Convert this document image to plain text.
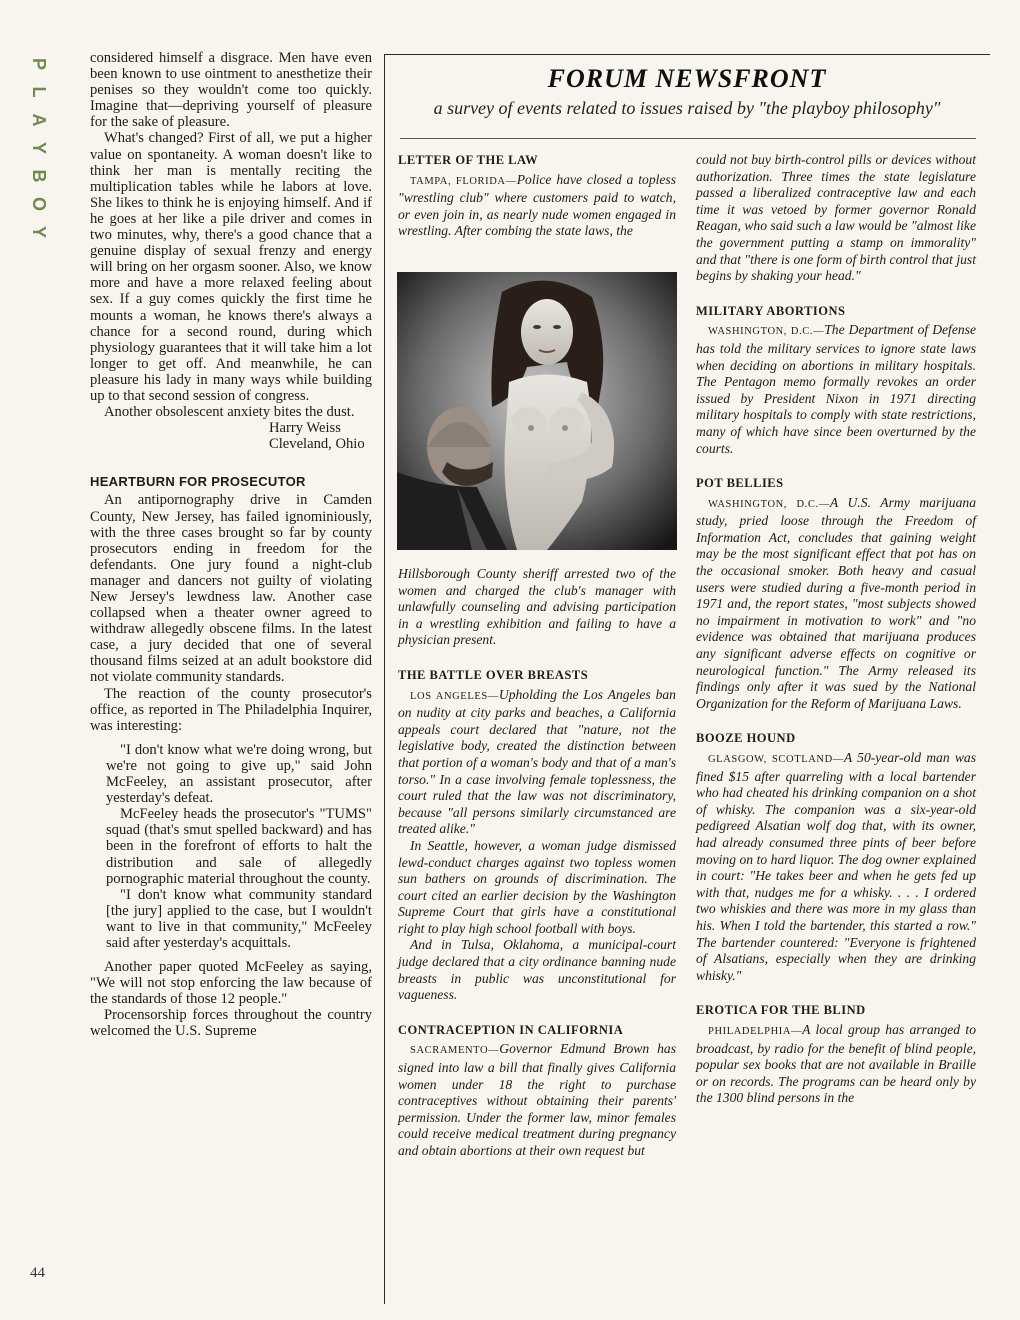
P
L
A
Y
B
O
Y
44

considered himself a disgrace. Men have even been known to use ointment to anesthetize their penises so they wouldn't come too quickly. Imagine that—depriving yourself of pleasure for the sake of pleasure.

What's changed? First of all, we put a higher value on spontaneity. A woman doesn't like to think her man is mentally reciting the multiplication tables while he labors at love. She likes to think he is enjoying himself. And if he goes at her like a pile driver and comes in two minutes, why, there's a good chance that a genuine display of sexual frenzy and energy will bring on her orgasm sooner. Also, we know more and have a more relaxed feeling about sex. If a guy comes quickly the first time he mounts a woman, he knows there's always a chance for a second round, during which physiology guarantees that it will take him a lot longer to get off. And meanwhile, he can pleasure his lady in many ways while building up to that second session of congress.

Another obsolescent anxiety bites the dust.

Harry Weiss

Cleveland, Ohio

HEARTBURN FOR PROSECUTOR

An antipornography drive in Camden County, New Jersey, has failed ignominiously, with the three cases brought so far by county prosecutors ending in freedom for the defendants. One jury found a night-club manager and dancers not guilty of violating New Jersey's lewdness law. Another case collapsed when a theater owner agreed to withdraw allegedly obscene films. In the latest case, a jury decided that one of several thousand films seized at an adult bookstore did not violate community standards.

The reaction of the county prosecutor's office, as reported in The Philadelphia Inquirer, was interesting:

"I don't know what we're doing wrong, but we're not going to give up," said John McFeeley, an assistant prosecutor, after yesterday's defeat.

McFeeley heads the prosecutor's "TUMS" squad (that's smut spelled backward) and has been in the forefront of efforts to halt the distribution and sale of allegedly pornographic material throughout the county.

"I don't know what community standard [the jury] applied to the case, but I wouldn't want to live in that community," McFeeley said after yesterday's acquittals.

Another paper quoted McFeeley as saying, "We will not stop enforcing the law because of the standards of those 12 people."

Procensorship forces throughout the country welcomed the U.S. Supreme

FORUM NEWSFRONT
a survey of events related to issues raised by "the playboy philosophy"
LETTER OF THE LAW

TAMPA, FLORIDA—Police have closed a topless "wrestling club" where customers paid to watch, or even join in, as nearly nude women engaged in wrestling. After combing the state laws, the

Hillsborough County sheriff arrested two of the women and charged the club's manager with unlawfully counseling and advising participation in a wrestling exhibition and failing to have a physician present.

THE BATTLE OVER BREASTS

LOS ANGELES—Upholding the Los Angeles ban on nudity at city parks and beaches, a California appeals court declared that "nature, not the legislative body, created the distinction between that portion of a woman's body and that of a man's torso." In a case involving female toplessness, the court ruled that the law was not discriminatory, because "all persons similarly circumstanced are treated alike."

In Seattle, however, a woman judge dismissed lewd-conduct charges against two topless women sun bathers on grounds of discrimination. The court cited an earlier decision by the Washington Supreme Court that girls have a constitutional right to play high school football with boys.

And in Tulsa, Oklahoma, a municipal-court judge declared that a city ordinance banning nude breasts in public was unconstitutional for vagueness.

CONTRACEPTION IN CALIFORNIA

SACRAMENTO—Governor Edmund Brown has signed into law a bill that finally gives California women under 18 the right to purchase contraceptives without obtaining their parents' permission. Under the former law, minor females could receive medical treatment during pregnancy and obtain abortions at their own request but

could not buy birth-control pills or devices without authorization. Three times the state legislature passed a liberalized contraceptive law and each time it was vetoed by former governor Ronald Reagan, who said such a law would be "almost like the government putting a stamp on immorality" and that "there is one form of birth control that just begins by shaking your head."

MILITARY ABORTIONS

WASHINGTON, D.C.—The Department of Defense has told the military services to ignore state laws when deciding on abortions in military hospitals. The Pentagon memo formally revokes an order issued by President Nixon in 1971 directing military hospitals to comply with state restrictions, many of which have since been overturned by the courts.

POT BELLIES

WASHINGTON, D.C.—A U.S. Army marijuana study, pried loose through the Freedom of Information Act, concludes that gaining weight may be the most significant effect that pot has on the occasional smoker. Both heavy and casual users were studied during a five-month period in 1971 and, the report states, "most subjects showed no impairment in motivation to work" and "no evidence was obtained that marijuana produces any significant adverse effects on cognitive or neurological function." The Army released its findings only after it was sued by the National Organization for the Reform of Marijuana Laws.

BOOZE HOUND

GLASGOW, SCOTLAND—A 50-year-old man was fined $15 after quarreling with a local bartender who had cheated his drinking companion on a shot of whisky. The companion was a six-year-old pedigreed Alsatian wolf dog that, with its owner, had already consumed three pints of beer before moving on to hard liquor. The dog owner explained in court: "He takes beer and when he gets fed up with that, nudges me for a whisky. . . . I ordered two whiskies and there was more in my glass than his. When I told the bartender, this started a row." The bartender countered: "Everyone is frightened of Alsatians, especially when they are drinking whisky."

EROTICA FOR THE BLIND

PHILADELPHIA—A local group has arranged to broadcast, by radio for the benefit of blind people, popular sex books that are not available in Braille or on records. The programs can be heard only by the 1300 blind persons in the
